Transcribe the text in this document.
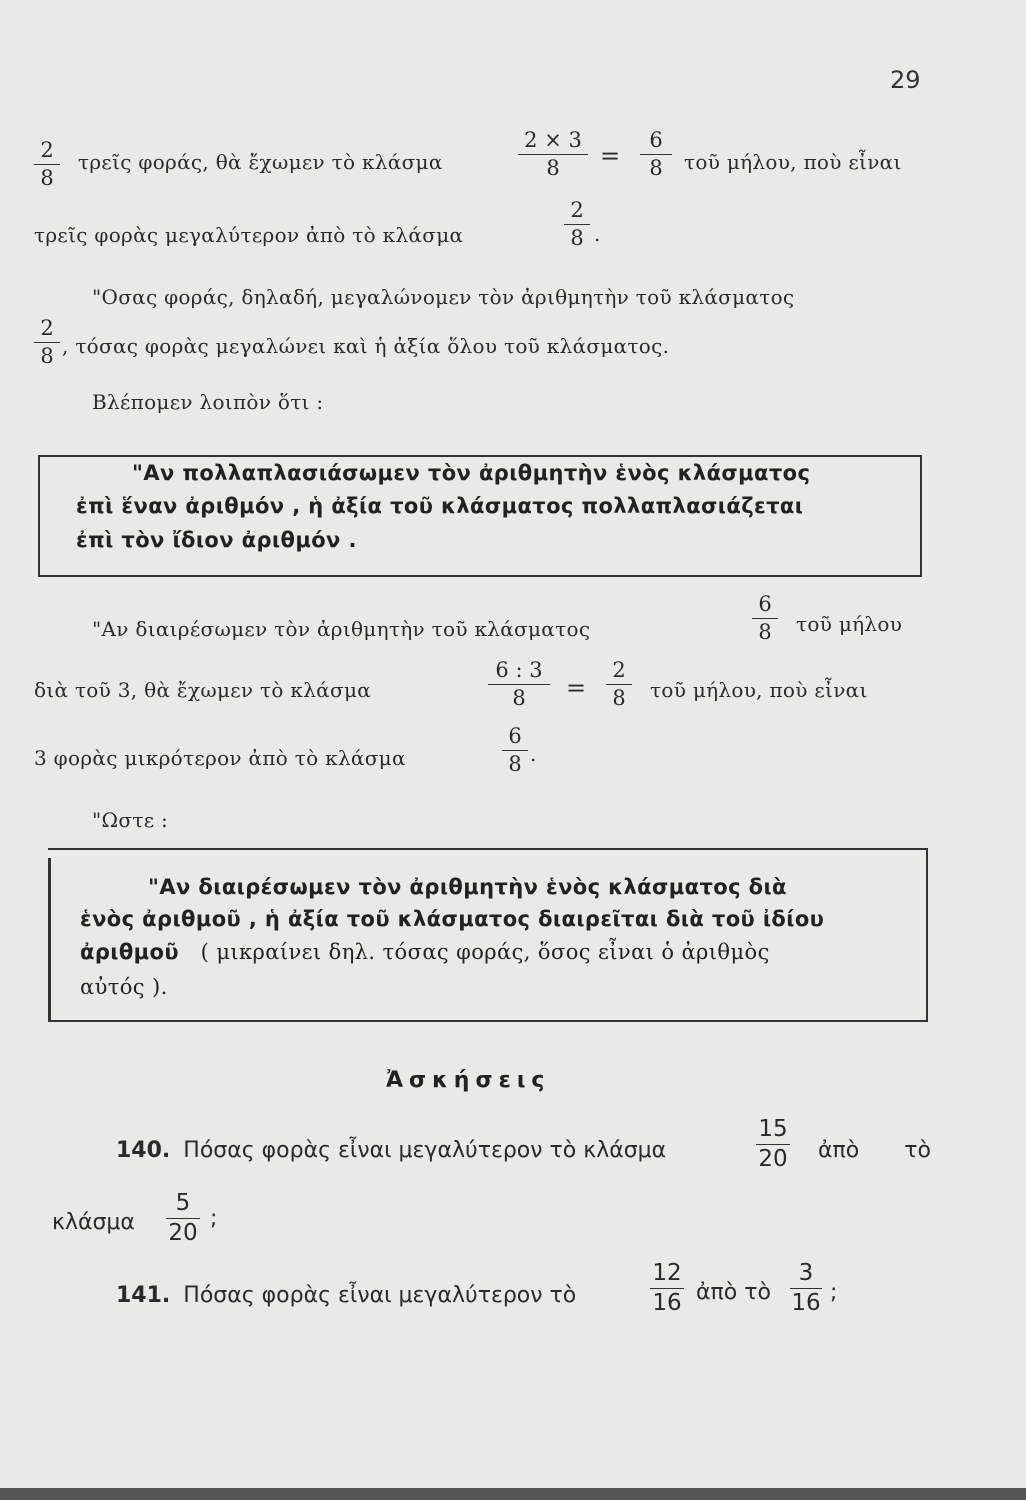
29
$\frac{2}{8}$ τρεῖς φοράς, θὰ ἔχωμεν τὸ κλάσμα	$\frac{2 \times 3}{8} = \frac{6}{8}$ τοῦ μήλου, ποὺ εἶναι
τρεῖς φορὰς μεγαλύτερον ἀπὸ τὸ κλάσμα	$\frac{2}{8}$ .
"Οσας φοράς, δηλαδή, μεγαλώνομεν τὸν ἀριθμητὴν τοῦ κλάσματος
$\frac{2}{8}$ , τόσας φορὰς μεγαλώνει καὶ ἡ ἀξία ὅλου τοῦ κλάσματος.
Βλέπομεν λοιπὸν ὅτι :
"Αν πολλαπλασιάσωμεν τὸν ἀριθμητὴν ἑνὸς κλάσματος
ἐπὶ ἕναν ἀριθμόν , ἡ ἀξία τοῦ κλάσματος πολλαπλασιάζεται
ἐπὶ τὸν ἴδιον ἀριθμόν .
"Αν διαιρέσωμεν τὸν ἀριθμητὴν τοῦ κλάσματος	$\frac{6}{8}$ τοῦ μήλου
διὰ τοῦ 3, θὰ ἔχωμεν τὸ κλάσμα	$\frac{6 : 3}{8} = \frac{2}{8}$ τοῦ μήλου, ποὺ εἶναι
3 φορὰς μικρότερον ἀπὸ τὸ κλάσμα	$\frac{6}{8}$ .
"Ωστε :
"Αν διαιρέσωμεν τὸν ἀριθμητὴν ἑνὸς κλάσματος διὰ
ἑνὸς ἀριθμοῦ , ἡ ἀξία τοῦ κλάσματος διαιρεῖται διὰ τοῦ ἰδίου
ἀριθμοῦ ( μικραίνει δηλ. τόσας φοράς, ὅσος εἶναι ὁ ἀριθμὸς
αὐτός ).
Ἀσκήσεις
140. Πόσας φορὰς εἶναι μεγαλύτερον τὸ κλάσμα	$\frac{15}{20}$ ἀπὸ τὸ
κλάσμα $\frac{5}{20}$ ;
141. Πόσας φορὰς εἶναι μεγαλύτερον τὸ	$\frac{12}{16}$ ἀπὸ τὸ $\frac{3}{16}$ ;
